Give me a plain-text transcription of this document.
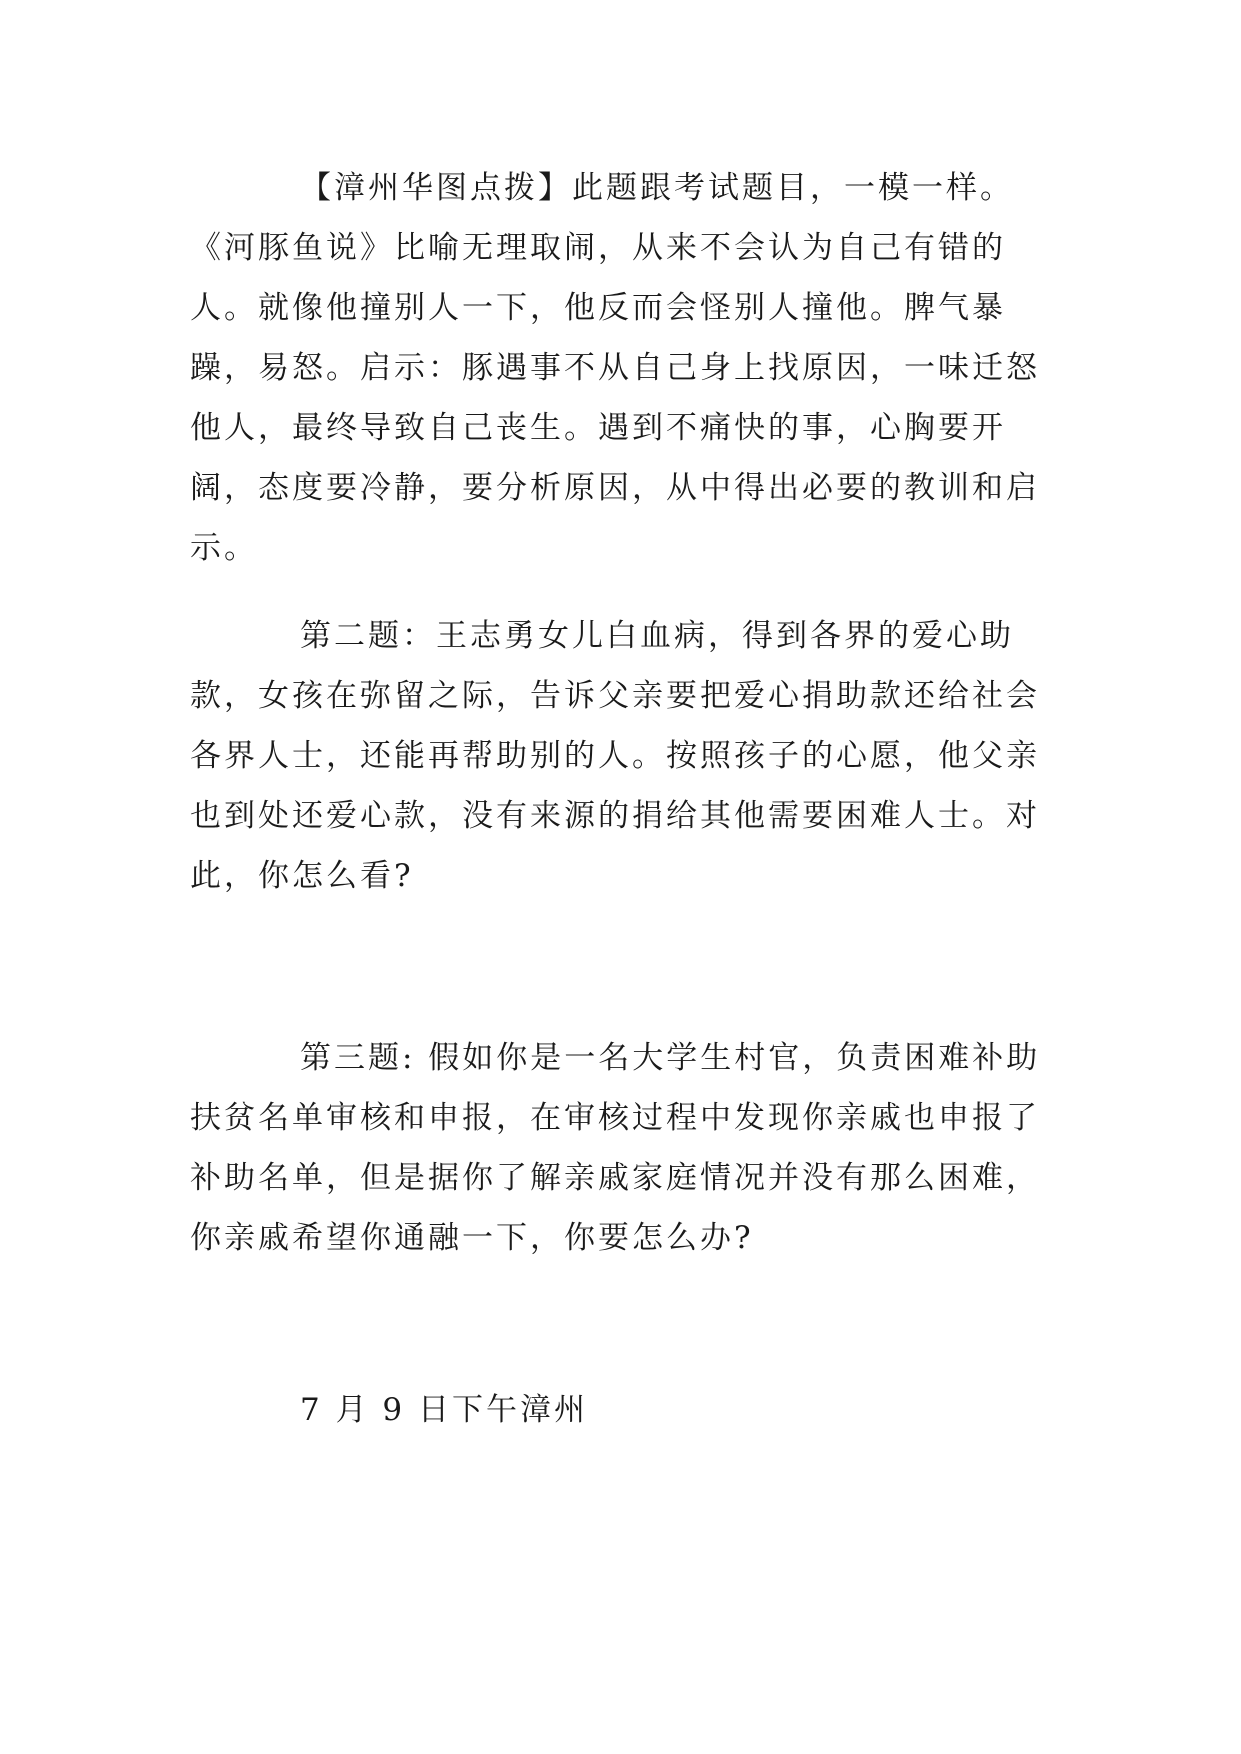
【漳州华图点拨】此题跟考试题目，一模一样。《河豚鱼说》比喻无理取闹，从来不会认为自己有错的人。就像他撞别人一下，他反而会怪别人撞他。脾气暴躁，易怒。启示：豚遇事不从自己身上找原因，一味迁怒他人，最终导致自己丧生。遇到不痛快的事，心胸要开阔，态度要冷静，要分析原因，从中得出必要的教训和启示。

第二题：王志勇女儿白血病，得到各界的爱心助款，女孩在弥留之际，告诉父亲要把爱心捐助款还给社会各界人士，还能再帮助别的人。按照孩子的心愿，他父亲也到处还爱心款，没有来源的捐给其他需要困难人士。对此，你怎么看?

第三题: 假如你是一名大学生村官，负责困难补助扶贫名单审核和申报，在审核过程中发现你亲戚也申报了补助名单，但是据你了解亲戚家庭情况并没有那么困难，你亲戚希望你通融一下，你要怎么办?

7 月 9 日下午漳州
